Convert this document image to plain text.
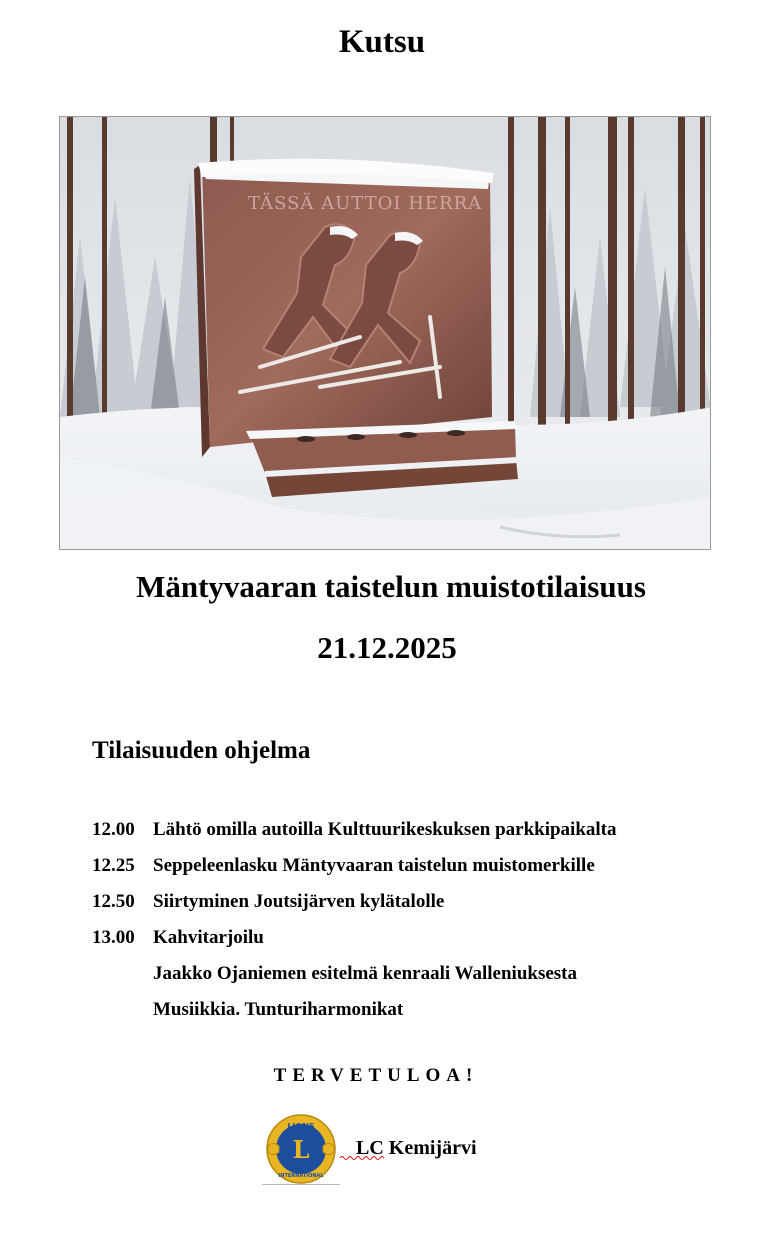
Kutsu
TÄSSÄ AUTTOI HERRA
Mäntyvaaran taistelun muistotilaisuus
21.12.2025
Tilaisuuden ohjelma
12.00 Lähtö omilla autoilla Kulttuurikeskuksen parkkipaikalta
12.25 Seppeleenlasku Mäntyvaaran taistelun muistomerkille
12.50 Siirtyminen Joutsijärven kylätalolle
13.00 Kahvitarjoilu
Jaakko Ojaniemen esitelmä kenraali Walleniuksesta
Musiikkia. Tunturiharmonikat
TERVETULOA!
L
LIONS
INTERNATIONAL
LC Kemijärvi
